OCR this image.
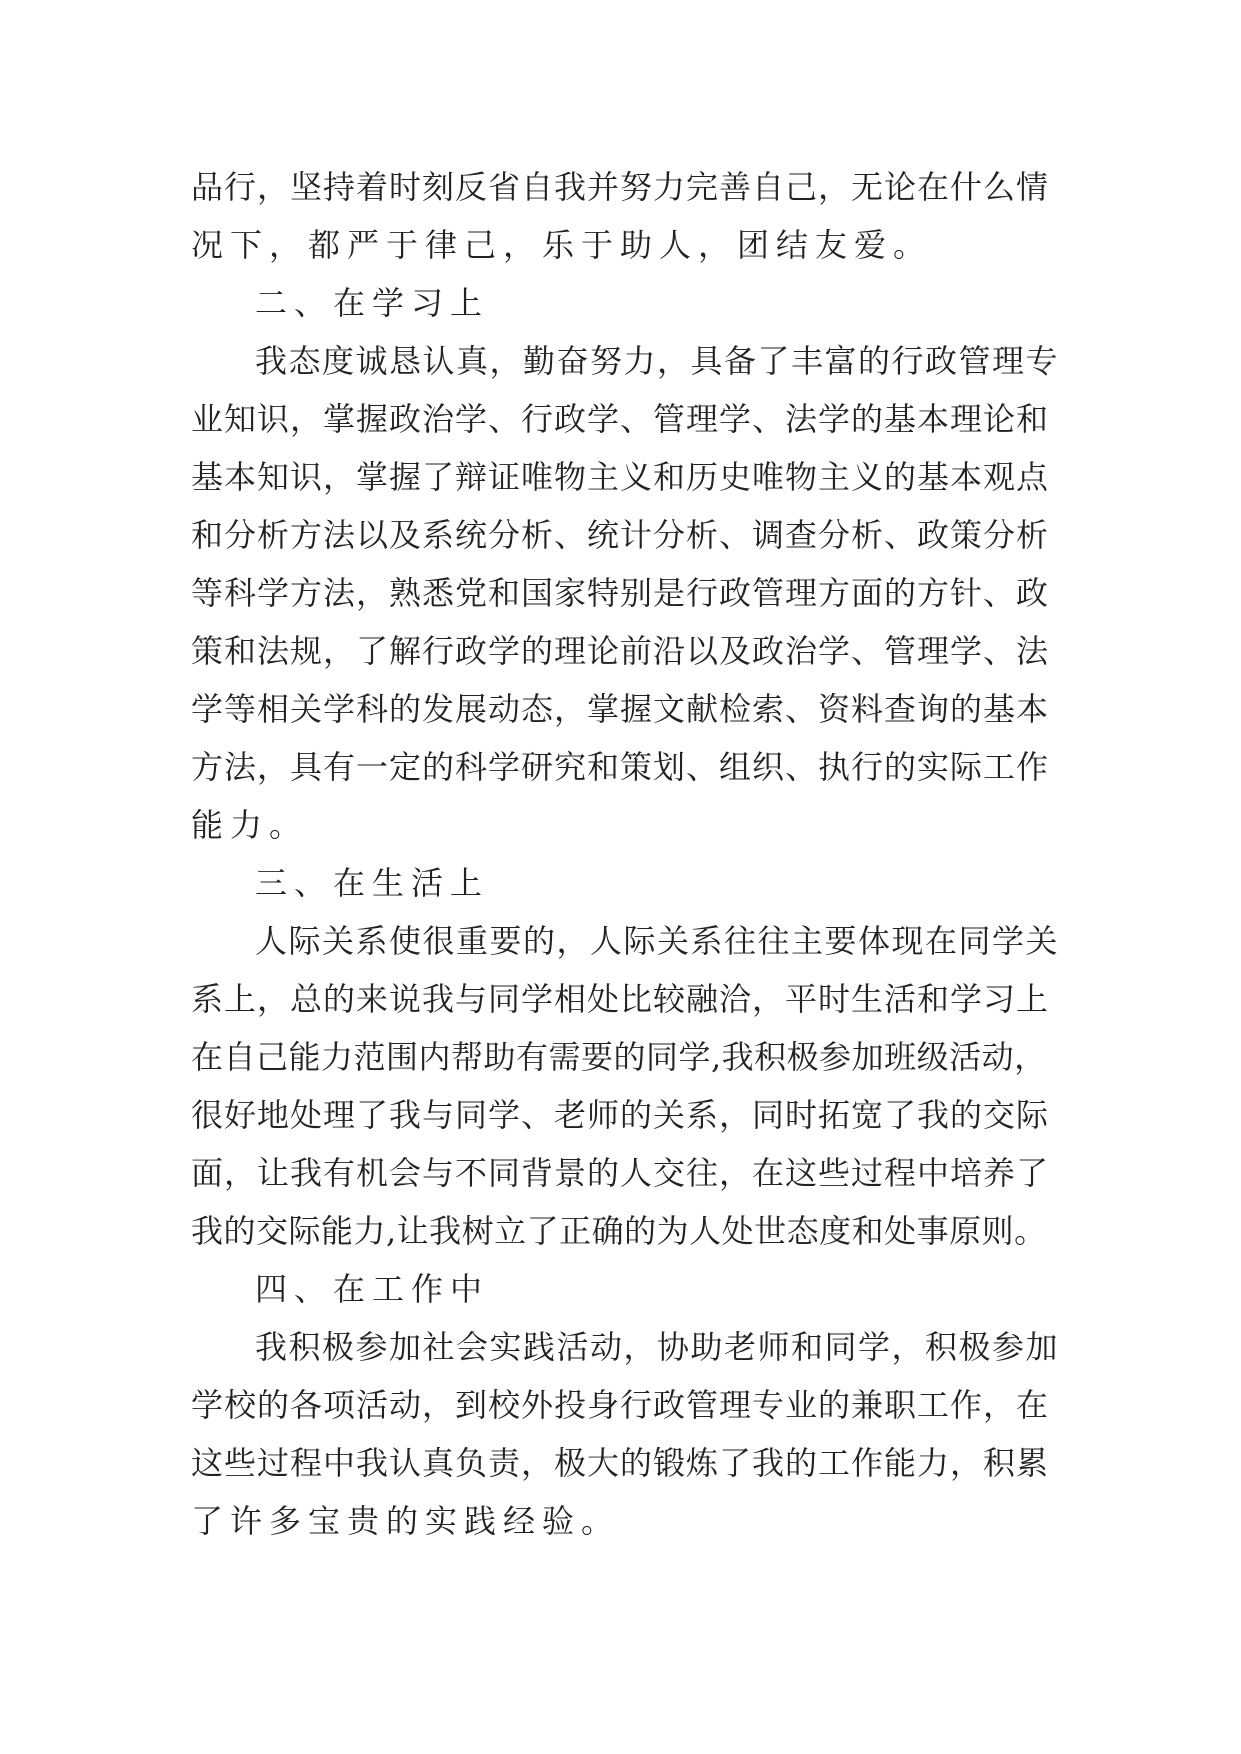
品行，坚持着时刻反省自我并努力完善自己，无论在什么情
况下，都严于律己，乐于助人，团结友爱。
二、在学习上
我态度诚恳认真，勤奋努力，具备了丰富的行政管理专
业知识，掌握政治学、行政学、管理学、法学的基本理论和
基本知识，掌握了辩证唯物主义和历史唯物主义的基本观点
和分析方法以及系统分析、统计分析、调查分析、政策分析
等科学方法，熟悉党和国家特别是行政管理方面的方针、政
策和法规，了解行政学的理论前沿以及政治学、管理学、法
学等相关学科的发展动态，掌握文献检索、资料查询的基本
方法，具有一定的科学研究和策划、组织、执行的实际工作
能力。
三、在生活上
人际关系使很重要的，人际关系往往主要体现在同学关
系上，总的来说我与同学相处比较融洽，平时生活和学习上
在自己能力范围内帮助有需要的同学,我积极参加班级活动，
很好地处理了我与同学、老师的关系，同时拓宽了我的交际
面，让我有机会与不同背景的人交往，在这些过程中培养了
我的交际能力,让我树立了正确的为人处世态度和处事原则。
四、在工作中
我积极参加社会实践活动，协助老师和同学，积极参加
学校的各项活动，到校外投身行政管理专业的兼职工作，在
这些过程中我认真负责，极大的锻炼了我的工作能力，积累
了许多宝贵的实践经验。
